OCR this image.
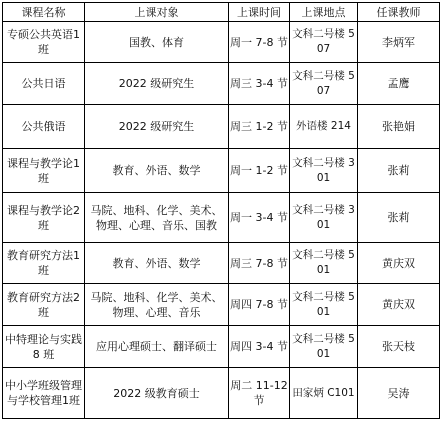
课程名称	上课对象	上课时间	上课地点	任课教师
专硕公共英语1班	国教、体育	周一 7-8 节	文科二号楼 507	李炳军
公共日语	2022 级研究生	周三 3-4 节	文科二号楼 507	孟鹰
公共俄语	2022 级研究生	周三 1-2 节	外语楼 214	张艳娟
课程与教学论1班	教育、外语、数学	周一 1-2 节	文科二号楼 301	张莉
课程与教学论2班	马院、地科、化学、美术、物理、心理、音乐、国教	周一 3-4 节	文科二号楼 301	张莉
教育研究方法1班	教育、外语、数学	周三 7-8 节	文科二号楼 501	黄庆双
教育研究方法2班	马院、地科、化学、美术、物理、心理、音乐	周四 7-8 节	文科二号楼 501	黄庆双
中特理论与实践 8 班	应用心理硕士、翻译硕士	周四 3-4 节	文科二号楼 501	张天枝
中小学班级管理与学校管理1班	2022 级教育硕士	周二 11-12 节	田家炳 C101	吴涛
